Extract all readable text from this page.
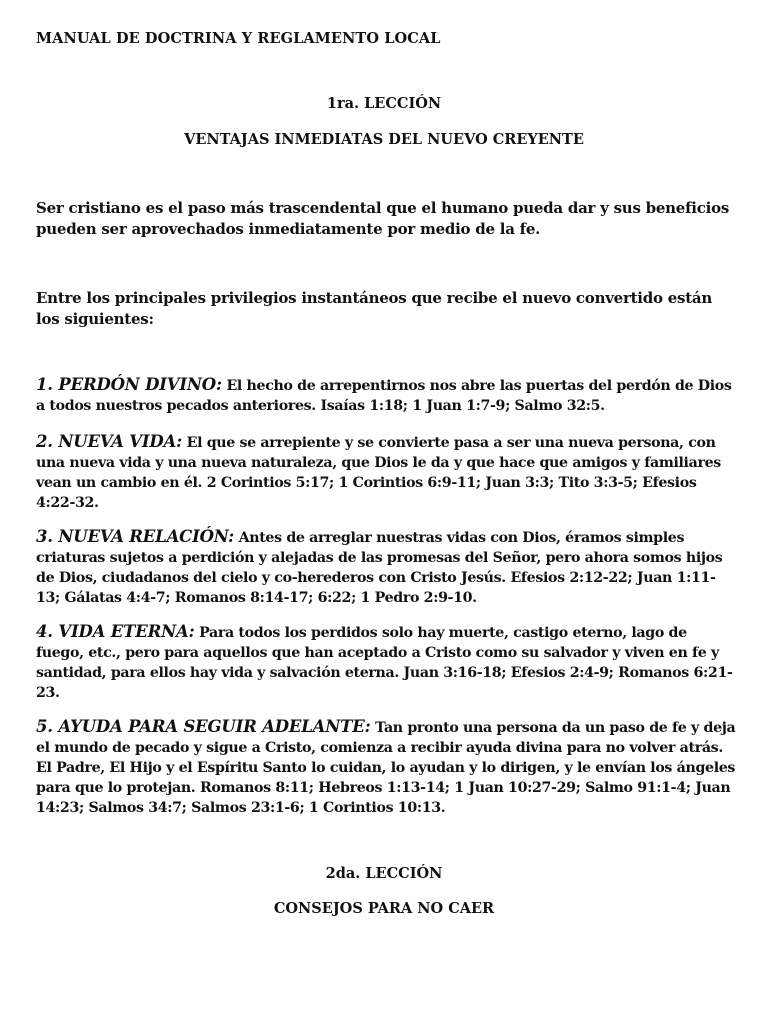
MANUAL DE DOCTRINA Y REGLAMENTO LOCAL
1ra. LECCIÓN
VENTAJAS INMEDIATAS DEL NUEVO CREYENTE
Ser cristiano es el paso más trascendental que el humano pueda dar y sus beneficios pueden ser aprovechados inmediatamente por medio de la fe.
Entre los principales privilegios instantáneos que recibe el nuevo convertido están los siguientes:
1. PERDÓN DIVINO: El hecho de arrepentirnos nos abre las puertas del perdón de Dios a todos nuestros pecados anteriores. Isaías 1:18; 1 Juan 1:7-9; Salmo 32:5.
2. NUEVA VIDA: El que se arrepiente y se convierte pasa a ser una nueva persona, con una nueva vida y una nueva naturaleza, que Dios le da y que hace que amigos y familiares vean un cambio en él. 2 Corintios 5:17; 1 Corintios 6:9-11; Juan 3:3; Tito 3:3-5; Efesios 4:22-32.
3. NUEVA RELACIÓN: Antes de arreglar nuestras vidas con Dios, éramos simples criaturas sujetos a perdición y alejadas de las promesas del Señor, pero ahora somos hijos de Dios, ciudadanos del cielo y co-herederos con Cristo Jesús. Efesios 2:12-22; Juan 1:11-13; Gálatas 4:4-7; Romanos 8:14-17; 6:22; 1 Pedro 2:9-10.
4. VIDA ETERNA: Para todos los perdidos solo hay muerte, castigo eterno, lago de fuego, etc., pero para aquellos que han aceptado a Cristo como su salvador y viven en fe y santidad, para ellos hay vida y salvación eterna. Juan 3:16-18; Efesios 2:4-9; Romanos 6:21-23.
5. AYUDA PARA SEGUIR ADELANTE: Tan pronto una persona da un paso de fe y deja el mundo de pecado y sigue a Cristo, comienza a recibir ayuda divina para no volver atrás. El Padre, El Hijo y el Espíritu Santo lo cuidan, lo ayudan y lo dirigen, y le envían los ángeles para que lo protejan. Romanos 8:11; Hebreos 1:13-14; 1 Juan 10:27-29; Salmo 91:1-4; Juan 14:23; Salmos 34:7; Salmos 23:1-6; 1 Corintios 10:13.
2da. LECCIÓN
CONSEJOS PARA NO CAER
